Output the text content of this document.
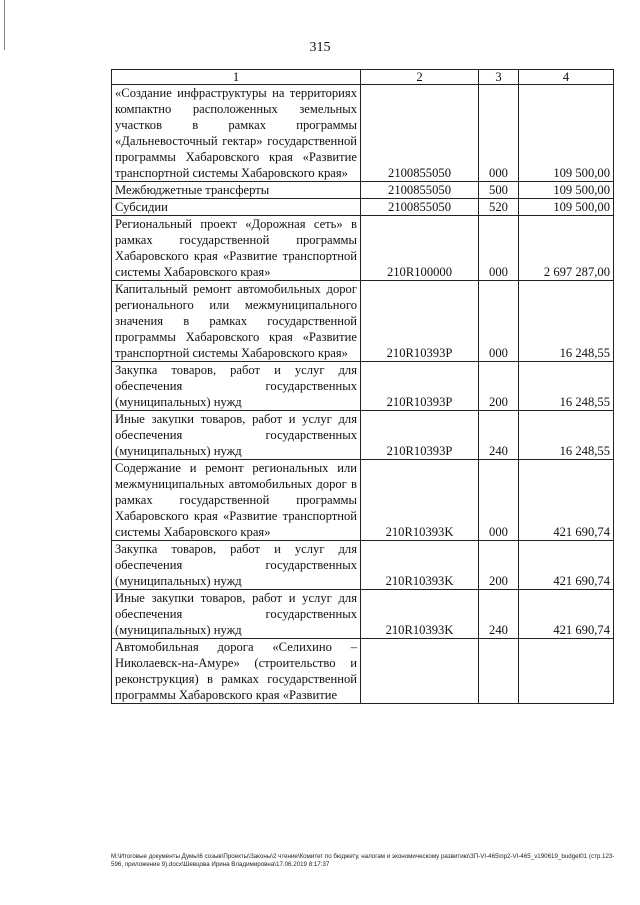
315
1	2	3	4
«Создание инфраструктуры на территориях компактно расположенных земельных участков в рамках программы «Дальневосточный гектар» государственной программы Хабаровского края «Развитие транспортной системы Хабаровского края»	2100855050	000	109 500,00
Межбюджетные трансферты	2100855050	500	109 500,00
Субсидии	2100855050	520	109 500,00
Региональный проект «Дорожная сеть» в рамках государственной программы Хабаровского края «Развитие транспортной системы Хабаровского края»	210R100000	000	2 697 287,00
Капитальный ремонт автомобильных дорог регионального или межмуниципального значения в рамках государственной программы Хабаровского края «Развитие транспортной системы Хабаровского края»	210R10393P	000	16 248,55
Закупка товаров, работ и услуг для обеспечения государственных (муниципальных) нужд	210R10393P	200	16 248,55
Иные закупки товаров, работ и услуг для обеспечения государственных (муниципальных) нужд	210R10393P	240	16 248,55
Содержание и ремонт региональных или межмуниципальных автомобильных дорог в рамках государственной программы Хабаровского края «Развитие транспортной системы Хабаровского края»	210R10393K	000	421 690,74
Закупка товаров, работ и услуг для обеспечения государственных (муниципальных) нужд	210R10393K	200	421 690,74
Иные закупки товаров, работ и услуг для обеспечения государственных (муниципальных) нужд	210R10393K	240	421 690,74
Автомобильная дорога «Селихино – Николаевск-на-Амуре» (строительство и реконструкция) в рамках государственной программы Хабаровского края «Развитие			
М:\Итоговые документы Думы\6 созыв\Проекты\Законы\2 чтение\Комитет по бюджету, налогам и экономическому развитию\ЗП-VI-465\пр2-VI-465_v190619_budget01 (стр.123-596, приложение 9).docx\Шевцова Ирина Владимировна\17.06.2019 8:17:37
